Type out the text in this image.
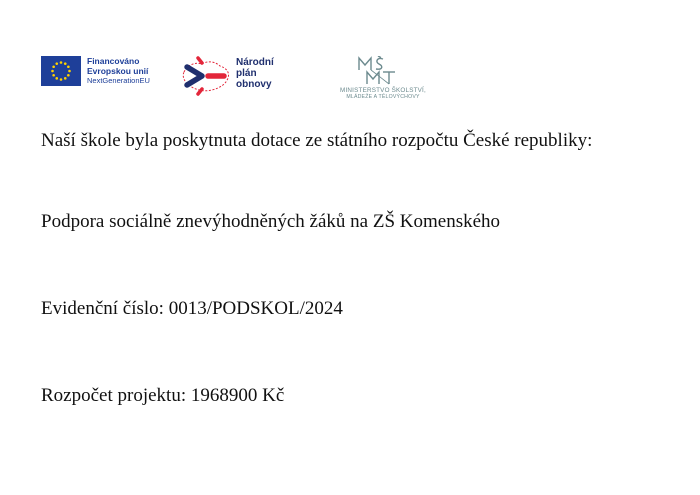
Financováno
Evropskou unií
NextGenerationEU
Národní
plán
obnovy
MINISTERSTVO ŠKOLSTVÍ,
MLÁDEŽE A TĚLOVÝCHOVY

Naší škole byla poskytnuta dotace ze státního rozpočtu České republiky:

Podpora sociálně znevýhodněných žáků na ZŠ Komenského

Evidenční číslo: 0013/PODSKOL/2024

Rozpočet projektu: 1968900 Kč
